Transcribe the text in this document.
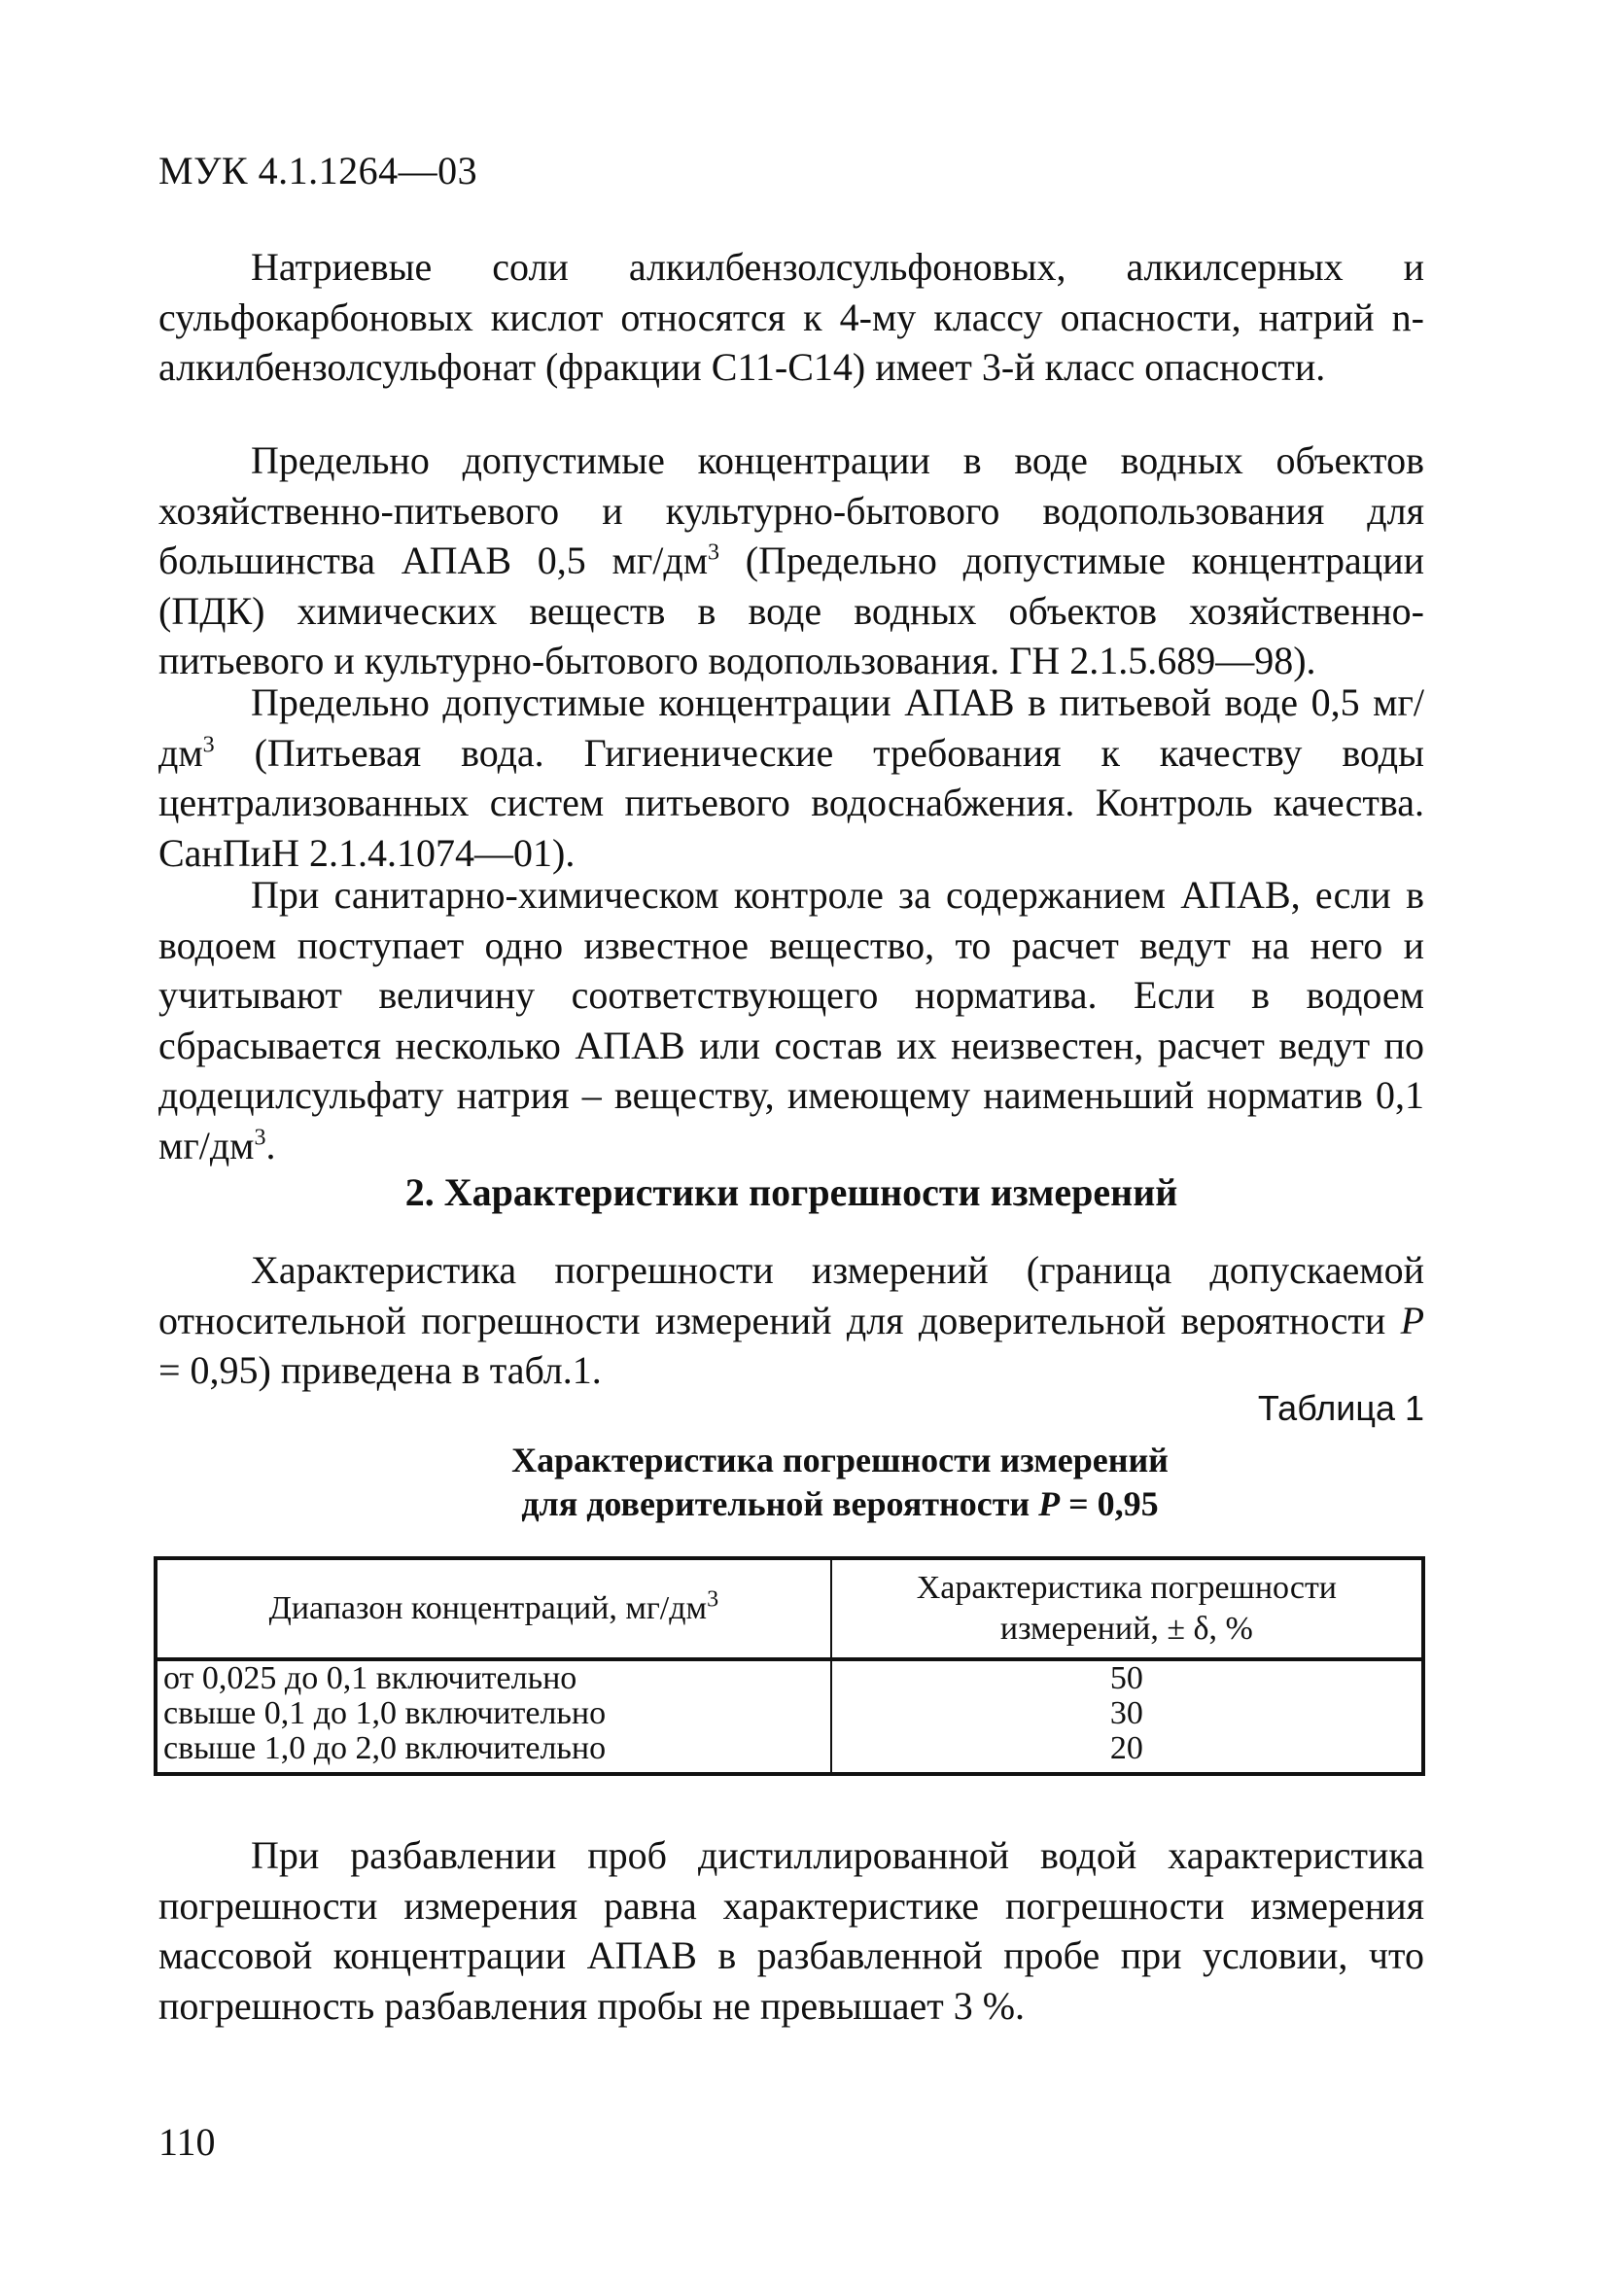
МУК 4.1.1264—03

Натриевые соли алкилбензолсульфоновых, алкилсерных и сульфокарбоновых кислот относятся к 4-му классу опасности, натрий n-алкилбензолсульфонат (фракции С11-С14) имеет 3-й класс опасности.

Предельно допустимые концентрации в воде водных объектов хозяйственно-питьевого и культурно-бытового водопользования для большинства АПАВ 0,5 $мг/дм^3$ (Предельно допустимые концентрации (ПДК) химических веществ в воде водных объектов хозяйственно-питьевого и культурно-бытового водопользования. ГН 2.1.5.689—98).

Предельно допустимые концентрации АПАВ в питьевой воде 0,5 $мг/дм^3$ (Питьевая вода. Гигиенические требования к качеству воды централизованных систем питьевого водоснабжения. Контроль качества. СанПиН 2.1.4.1074—01).

При санитарно-химическом контроле за содержанием АПАВ, если в водоем поступает одно известное вещество, то расчет ведут на него и учитывают величину соответствующего норматива. Если в водоем сбрасывается несколько АПАВ или состав их неизвестен, расчет ведут по додецилсульфату натрия – веществу, имеющему наименьший норматив 0,1 $мг/дм^3$.

2. Характеристики погрешности измерений

Характеристика погрешности измерений (граница допускаемой относительной погрешности измерений для доверительной вероятности Р = 0,95) приведена в табл.1.

Таблица 1
Характеристика погрешности измерений
для доверительной вероятности Р = 0,95
Диапазон концентраций, $мг/дм^3$	Характеристика погрешности
измерений, ± δ, %
от 0,025 до 0,1 включительно	50
свыше 0,1 до 1,0 включительно	30
свыше 1,0 до 2,0 включительно	20

При разбавлении проб дистиллированной водой характеристика погрешности измерения равна характеристике погрешности измерения массовой концентрации АПАВ в разбавленной пробе при условии, что погрешность разбавления пробы не превышает 3 %.

110
